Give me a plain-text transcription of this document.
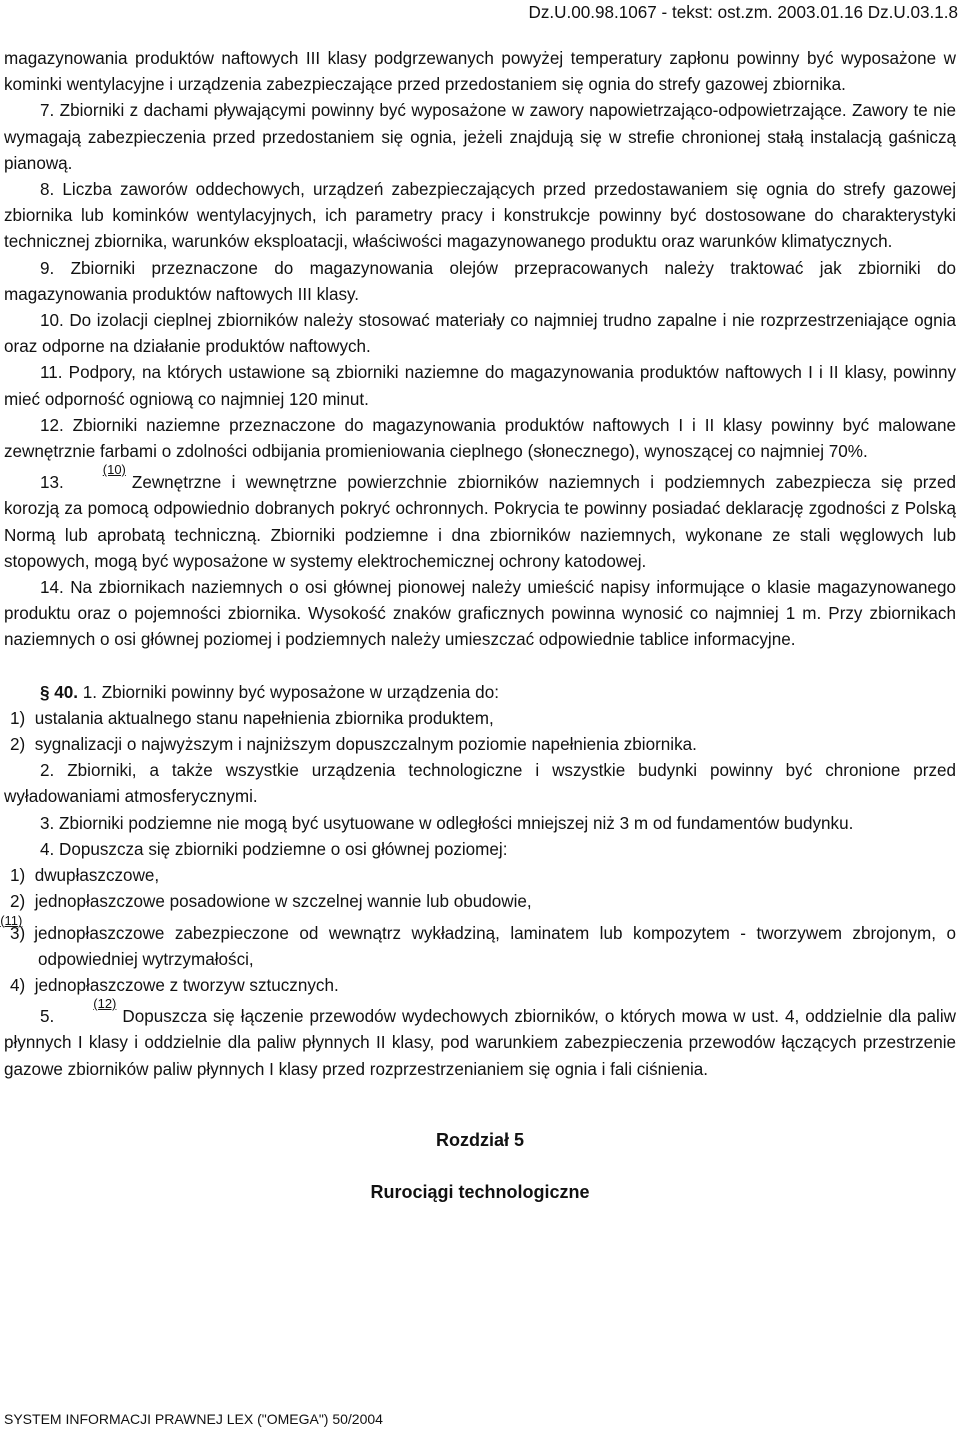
Dz.U.00.98.1067 - tekst: ost.zm. 2003.01.16 Dz.U.03.1.8

magazynowania produktów naftowych III klasy podgrzewanych powyżej temperatury zapłonu powinny być wyposażone w kominki wentylacyjne i urządzenia zabezpieczające przed przedostaniem się ognia do strefy gazowej zbiornika.

7. Zbiorniki z dachami pływającymi powinny być wyposażone w zawory napowietrzająco-odpowietrzające. Zawory te nie wymagają zabezpieczenia przed przedostaniem się ognia, jeżeli znajdują się w strefie chronionej stałą instalacją gaśniczą pianową.

8. Liczba zaworów oddechowych, urządzeń zabezpieczających przed przedostawaniem się ognia do strefy gazowej zbiornika lub kominków wentylacyjnych, ich parametry pracy i konstrukcje powinny być dostosowane do charakterystyki technicznej zbiornika, warunków eksploatacji, właściwości magazynowanego produktu oraz warunków klimatycznych.

9. Zbiorniki przeznaczone do magazynowania olejów przepracowanych należy traktować jak zbiorniki do magazynowania produktów naftowych III klasy.

10. Do izolacji cieplnej zbiorników należy stosować materiały co najmniej trudno zapalne i nie rozprzestrzeniające ognia oraz odporne na działanie produktów naftowych.

11. Podpory, na których ustawione są zbiorniki naziemne do magazynowania produktów naftowych I i II klasy, powinny mieć odporność ogniową co najmniej 120 minut.

12. Zbiorniki naziemne przeznaczone do magazynowania produktów naftowych I i II klasy powinny być malowane zewnętrznie farbami o zdolności odbijania promieniowania cieplnego (słonecznego), wynoszącej co najmniej 70%.

13.(10)Zewnętrzne i wewnętrzne powierzchnie zbiorników naziemnych i podziemnych zabezpiecza się przed korozją za pomocą odpowiednio dobranych pokryć ochronnych. Pokrycia te powinny posiadać deklarację zgodności z Polską Normą lub aprobatą techniczną. Zbiorniki podziemne i dna zbiorników naziemnych, wykonane ze stali węglowych lub stopowych, mogą być wyposażone w systemy elektrochemicznej ochrony katodowej.

14. Na zbiornikach naziemnych o osi głównej pionowej należy umieścić napisy informujące o klasie magazynowanego produktu oraz o pojemności zbiornika. Wysokość znaków graficznych powinna wynosić co najmniej 1 m. Przy zbiornikach naziemnych o osi głównej poziomej i podziemnych należy umieszczać odpowiednie tablice informacyjne.

§ 40. 1. Zbiorniki powinny być wyposażone w urządzenia do:

1) ustalania aktualnego stanu napełnienia zbiornika produktem,
2) sygnalizacji o najwyższym i najniższym dopuszczalnym poziomie napełnienia zbiornika.

2. Zbiorniki, a także wszystkie urządzenia technologiczne i wszystkie budynki powinny być chronione przed wyładowaniami atmosferycznymi.

3. Zbiorniki podziemne nie mogą być usytuowane w odległości mniejszej niż 3 m od fundamentów budynku.

4. Dopuszcza się zbiorniki podziemne o osi głównej poziomej:

1) dwupłaszczowe,
2) jednopłaszczowe posadowione w szczelnej wannie lub obudowie,
3)(11)jednopłaszczowe zabezpieczone od wewnątrz wykładziną, laminatem lub kompozytem - tworzywem zbrojonym, o odpowiedniej wytrzymałości,
4) jednopłaszczowe z tworzyw sztucznych.

5.(12)Dopuszcza się łączenie przewodów wydechowych zbiorników, o których mowa w ust. 4, oddzielnie dla paliw płynnych I klasy i oddzielnie dla paliw płynnych II klasy, pod warunkiem zabezpieczenia przewodów łączących przestrzenie gazowe zbiorników paliw płynnych I klasy przed rozprzestrzenianiem się ognia i fali ciśnienia.

Rozdział 5
Rurociągi technologiczne
SYSTEM INFORMACJI PRAWNEJ LEX ("OMEGA") 50/2004
